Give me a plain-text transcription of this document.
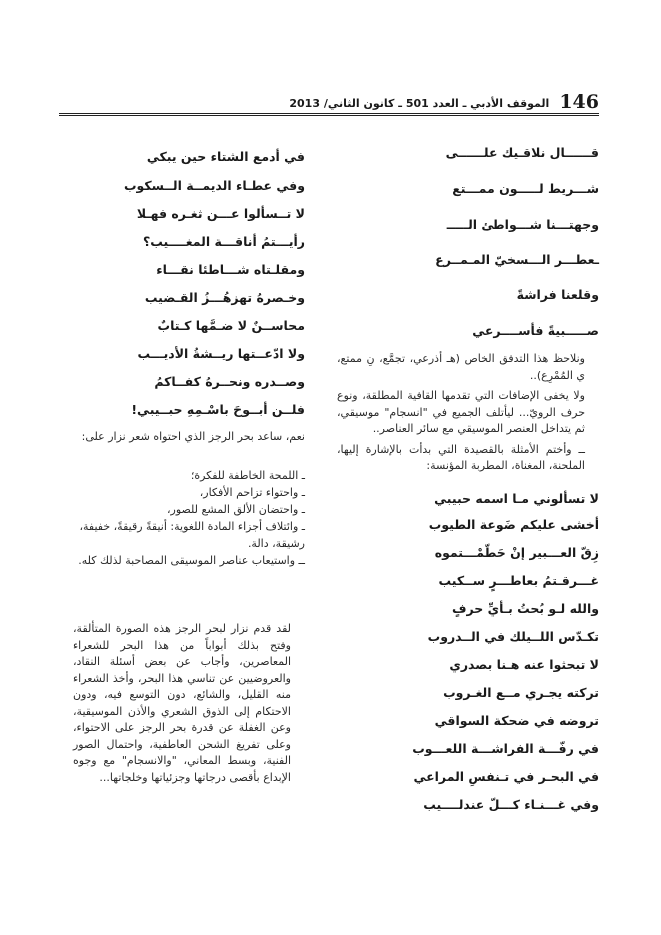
146
الموقف الأدبي ـ العدد 501 ـ كانون الثاني/ 2013
قــــــال نلاقـيك علــــــى
شـــريط لـــــون ممـــتع
وجهتـــنا شـــواطئ الـــــ
ـعطـــر الـــسخيّ المـمــرع
وقلعنا فراشةً
صـــــبيةً فأســــرعي

ونلاحظ هذا التدفق الخاص (هـ أذرعي، تجمَّع، نِ ممتع، ي المُمْرِع)..

ولا يخفى الإضافات التي تقدمها القافية المطلقة، ونوع حرف الرويّ... ليأتلف الجميع في "انسجام" موسيقي، ثم يتداخل العنصر الموسيقي مع سائر العناصر..

ــ وأختم الأمثلة بالقصيدة التي بدأت بالإشارة إليها، الملحنة، المغناة، المطربة المؤنسة:

لا تسألوني مـا اسمه حبيبي
أخشى عليكم ضَوعة الطيوب
زِقّ العـــبير إنْ حَطّمْـــتموه
غـــرقـتمُ بعاطـــرٍ ســكيب
والله لـو بُحتُ بـأيِّ حرفٍ
تكـدّس اللــيلك في الــدروب
لا تبحثوا عنه هـنا بصدري
تركته يجـري مــع الغـروب
تروضه في ضحكة السواقي
في رفّـــة الفراشـــة اللعـــوب
في البحـر في تـنفسِ المراعي
وفي غـــنـاء كـــلّ عندلــــيب
في أدمع الشتاء حين يبكي
وفي عطـاء الديمــة الــسكوب
لا تــسألوا عـــن ثغـره فهـلا
رأيـــتمُ أناقـــة المغــــيب؟
ومقلـتاه شـــاطئا نقـــاء
وخـصرهُ تهزهُـــزُ القـضيب
محاســنٌ لا ضـمَّها كـتابٌ
ولا ادّعــتها ريــشةُ الأديـــب
وصــدره ونحــرهُ كفــاكمُ
فلــن أبــوحَ باسْـمِهِ حبــيبي!
نعم، ساعد بحر الرجز الذي احتواه شعر نزار على:
ـ اللمحة الخاطفة للفكرة؛
ـ واحتواء تزاحم الأفكار،
ـ واحتضان الألق المشع للصور،
ـ وائتلاف أجزاء المادة اللغوية: أنيقةً رقيقةً، خفيفة، رشيقة، دالة.
ــ واستيعاب عناصر الموسيقى المصاحبة لذلك كله.

لقد قدم نزار لبحر الرجز هذه الصورة المتألقة، وفتح بذلك أبواباً من هذا البحر للشعراء المعاصرين، وأجاب عن بعض أسئلة النقاد، والعروضيين عن تناسي هذا البحر، وأخذ الشعراء منه القليل، والشائع، دون التوسع فيه، ودون الاحتكام إلى الذوق الشعري والأذن الموسيقية، وعن الغفلة عن قدرة بحر الرجز على الاحتواء، وعلى تفريغ الشحن العاطفية، واحتمال الصور الفنية، وبسط المعاني، "والانسجام" مع وجوه الإبداع بأقصى درجاتها وجزئياتها وخلجاتها...
